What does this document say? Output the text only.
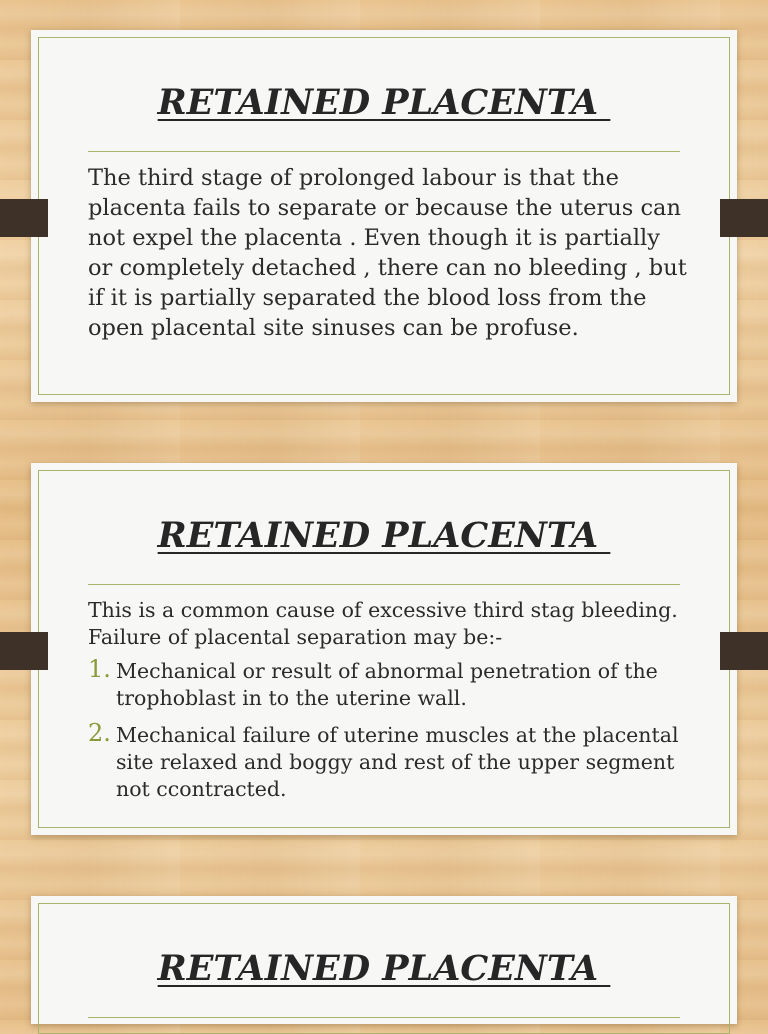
RETAINED PLACENTA
The third stage of prolonged labour is that the placenta fails to separate or because the uterus can not expel the placenta . Even though it is partially or completely detached , there can no bleeding , but if it is partially separated the blood loss from the open placental site sinuses can be profuse.
RETAINED PLACENTA
This is a common cause of excessive third stag bleeding. Failure of placental separation may be:-
1. Mechanical or result of abnormal penetration of the trophoblast in to the uterine wall.
2. Mechanical failure of uterine muscles at the placental site relaxed and boggy and rest of the upper segment not ccontracted.
RETAINED PLACENTA
